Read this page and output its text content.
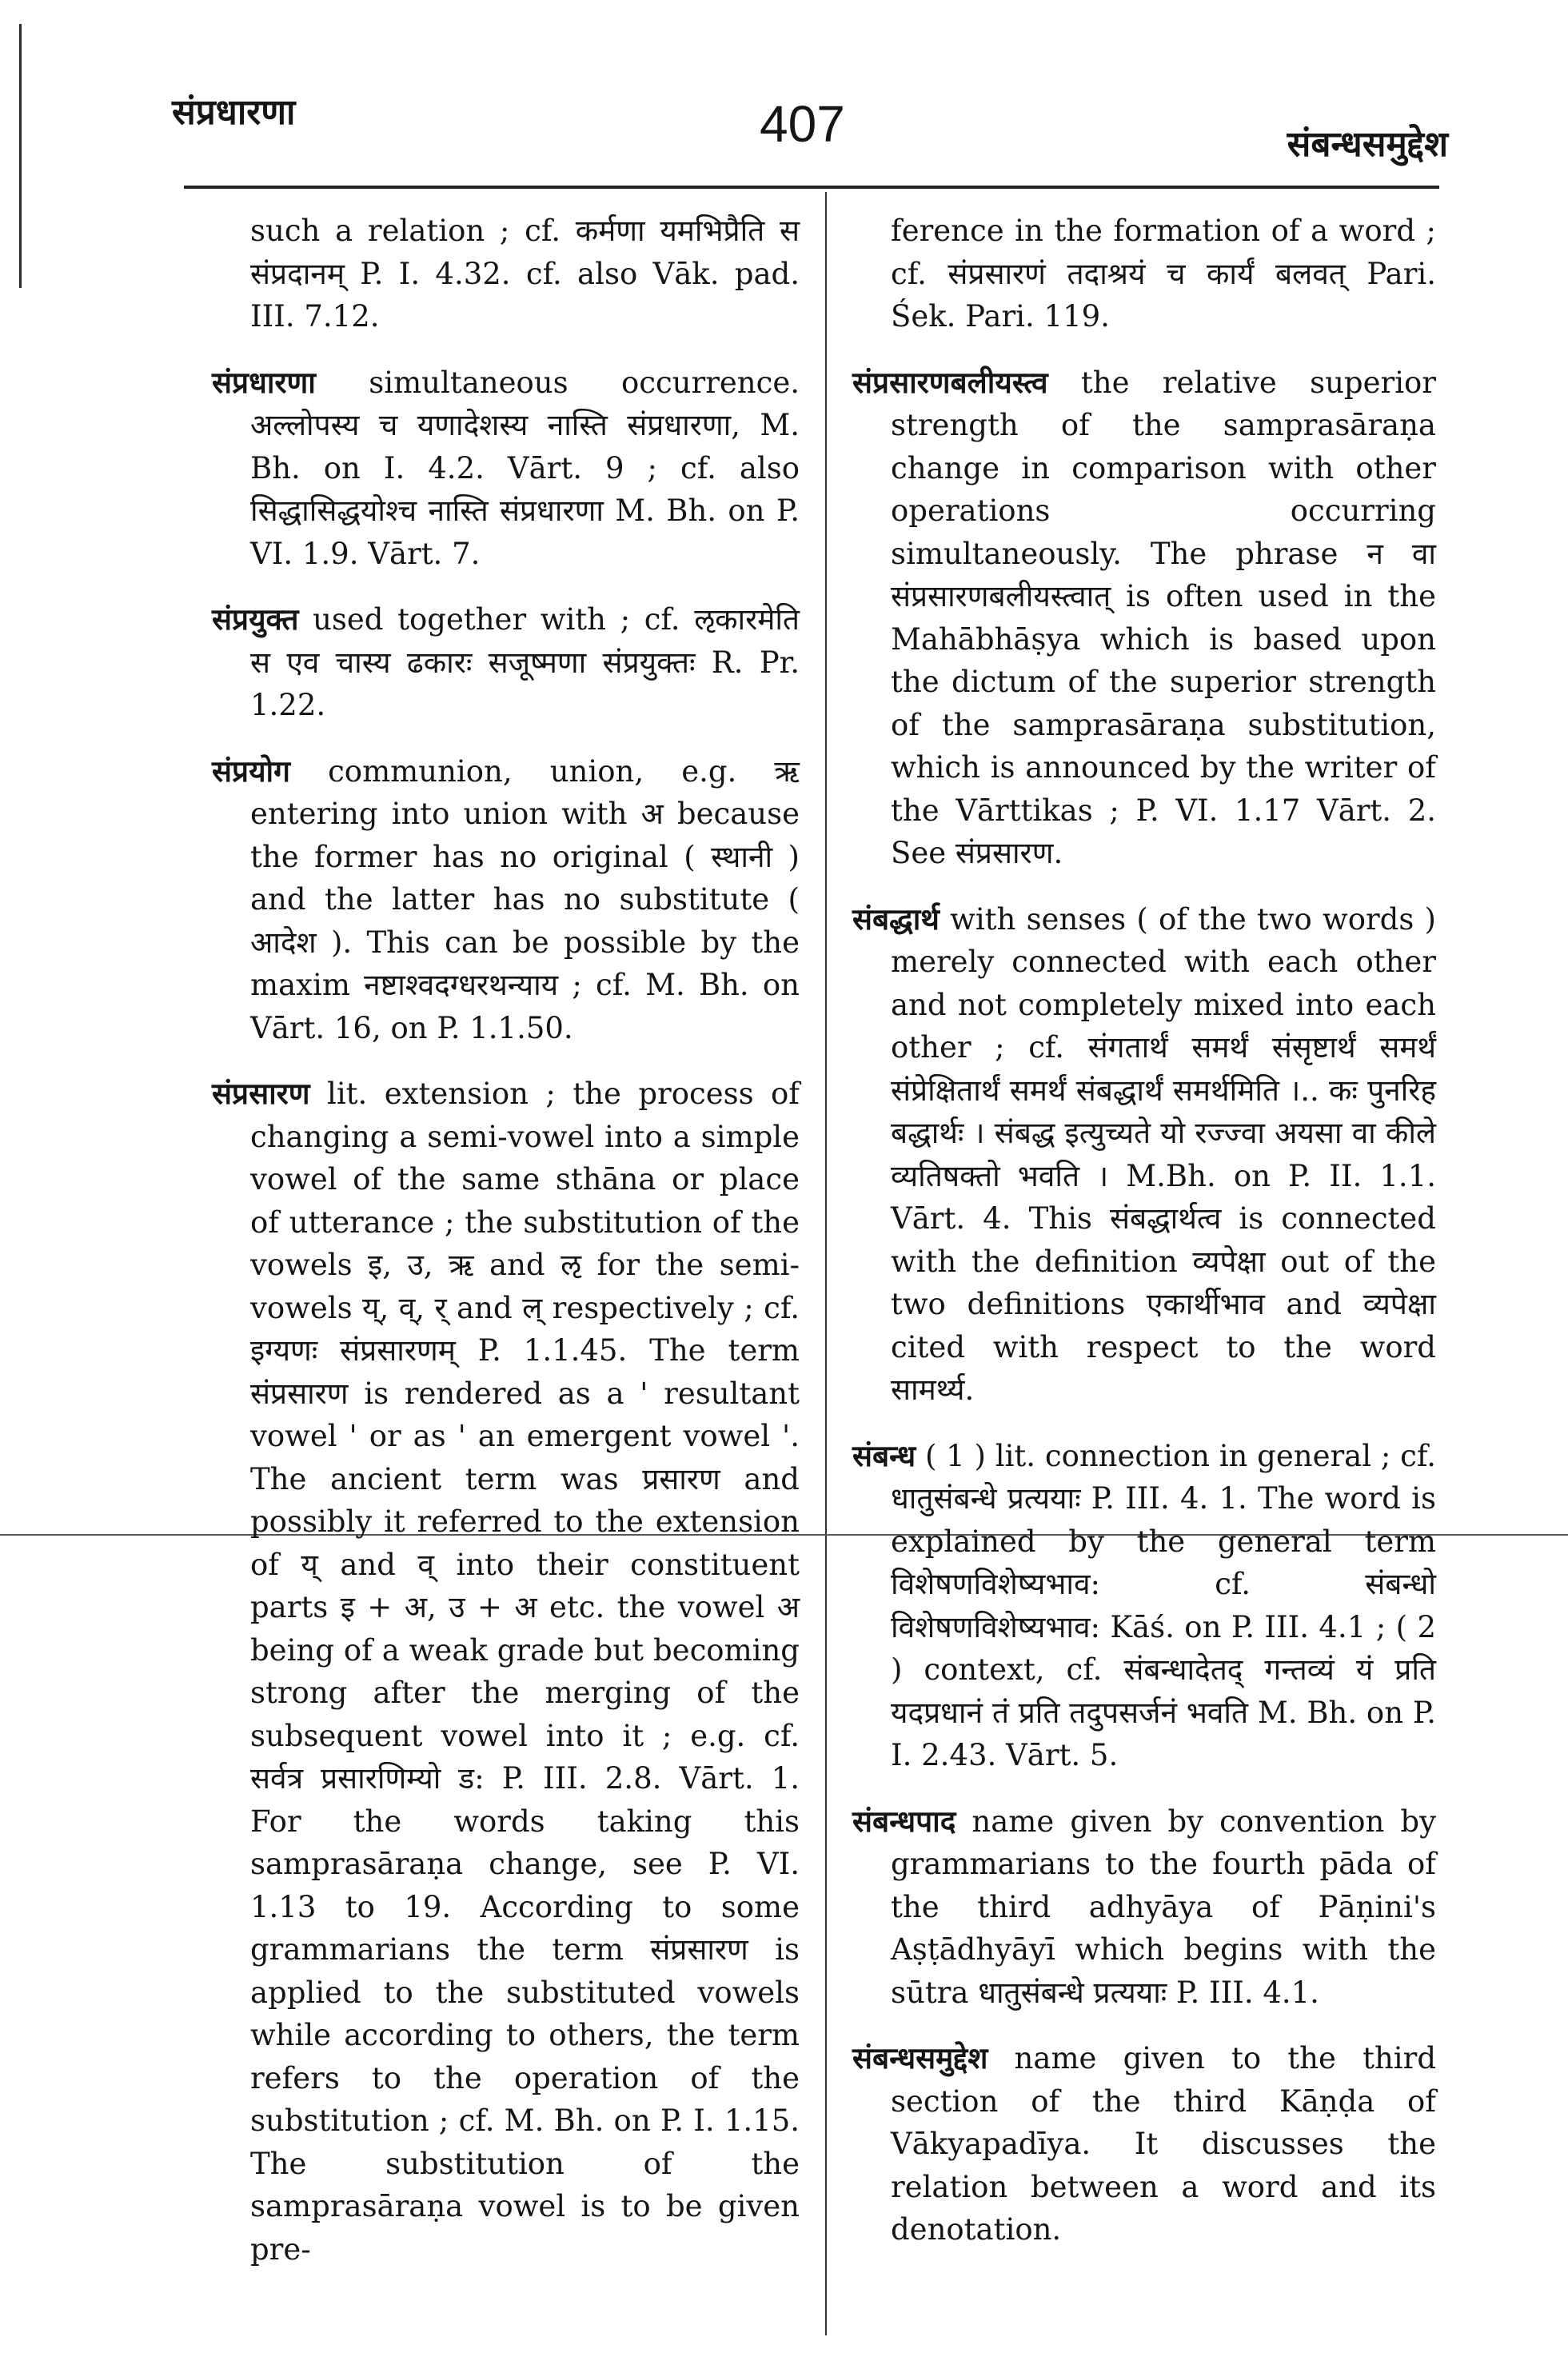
संप्रधारणा	407	संबन्धसमुद्देश

such a relation ; cf. कर्मणा यमभिप्रैति स संप्रदानम् P. I. 4.32. cf. also Vāk. pad. III. 7.12.

संप्रधारणा simultaneous occurrence. अल्लोपस्य च यणादेशस्य नास्ति संप्रधारणा, M. Bh. on I. 4.2. Vārt. 9 ; cf. also सिद्धासिद्धयोश्च नास्ति संप्रधारणा M. Bh. on P. VI. 1.9. Vārt. 7.

संप्रयुक्त used together with ; cf. ऌकारमेति स एव चास्य ढकारः सजूष्मणा संप्रयुक्तः R. Pr. 1.22.

संप्रयोग communion, union, e.g. ऋ entering into union with अ because the former has no original ( स्थानी ) and the latter has no substitute ( आदेश ). This can be possible by the maxim नष्टाश्वदग्धरथन्याय ; cf. M. Bh. on Vārt. 16, on P. 1.1.50.

संप्रसारण lit. extension ; the process of changing a semi-vowel into a simple vowel of the same sthāna or place of utterance ; the substitution of the vowels इ, उ, ऋ and ऌ for the semi-vowels य्, व्, र् and ल् respectively ; cf. इग्यणः संप्रसारणम् P. 1.1.45. The term संप्रसारण is rendered as a ' resultant vowel ' or as ' an emergent vowel '. The ancient term was प्रसारण and possibly it referred to the extension of य् and व् into their constituent parts इ + अ, उ + अ etc. the vowel अ being of a weak grade but becoming strong after the merging of the subsequent vowel into it ; e.g. cf. सर्वत्र प्रसारणिम्यो ड: P. III. 2.8. Vārt. 1. For the words taking this samprasāraṇa change, see P. VI. 1.13 to 19. According to some grammarians the term संप्रसारण is applied to the substituted vowels while according to others, the term refers to the operation of the substitution ; cf. M. Bh. on P. I. 1.15. The substitution of the samprasāraṇa vowel is to be given pre-

ference in the formation of a word ; cf. संप्रसारणं तदाश्रयं च कार्यं बलवत् Pari. Śek. Pari. 119.

संप्रसारणबलीयस्त्व the relative superior strength of the samprasāraṇa change in comparison with other operations occurring simultaneously. The phrase न वा संप्रसारणबलीयस्त्वात् is often used in the Mahābhāṣya which is based upon the dictum of the superior strength of the samprasāraṇa substitution, which is announced by the writer of the Vārttikas ; P. VI. 1.17 Vārt. 2. See संप्रसारण.

संबद्धार्थ with senses ( of the two words ) merely connected with each other and not completely mixed into each other ; cf. संगतार्थं समर्थं संसृष्टार्थं समर्थं संप्रेक्षितार्थं समर्थं संबद्धार्थं समर्थमिति ।.. कः पुनरिह बद्धार्थः । संबद्ध इत्युच्यते यो रज्ज्वा अयसा वा कीले व्यतिषक्तो भवति । M.Bh. on P. II. 1.1. Vārt. 4. This संबद्धार्थत्व is connected with the definition व्यपेक्षा out of the two definitions एकार्थीभाव and व्यपेक्षा cited with respect to the word सामर्थ्य.

संबन्ध ( 1 ) lit. connection in general ; cf. धातुसंबन्धे प्रत्ययाः P. III. 4. 1. The word is explained by the general term विशेषणविशेष्यभाव: cf. संबन्धो विशेषणविशेष्यभाव: Kāś. on P. III. 4.1 ; ( 2 ) context, cf. संबन्धादेतद् गन्तव्यं यं प्रति यदप्रधानं तं प्रति तदुपसर्जनं भवति M. Bh. on P. I. 2.43. Vārt. 5.

संबन्धपाद name given by convention by grammarians to the fourth pāda of the third adhyāya of Pāṇini's Aṣṭādhyāyī which begins with the sūtra धातुसंबन्धे प्रत्ययाः P. III. 4.1.

संबन्धसमुद्देश name given to the third section of the third Kāṇḍa of Vākyapadīya. It discusses the relation between a word and its denotation.
